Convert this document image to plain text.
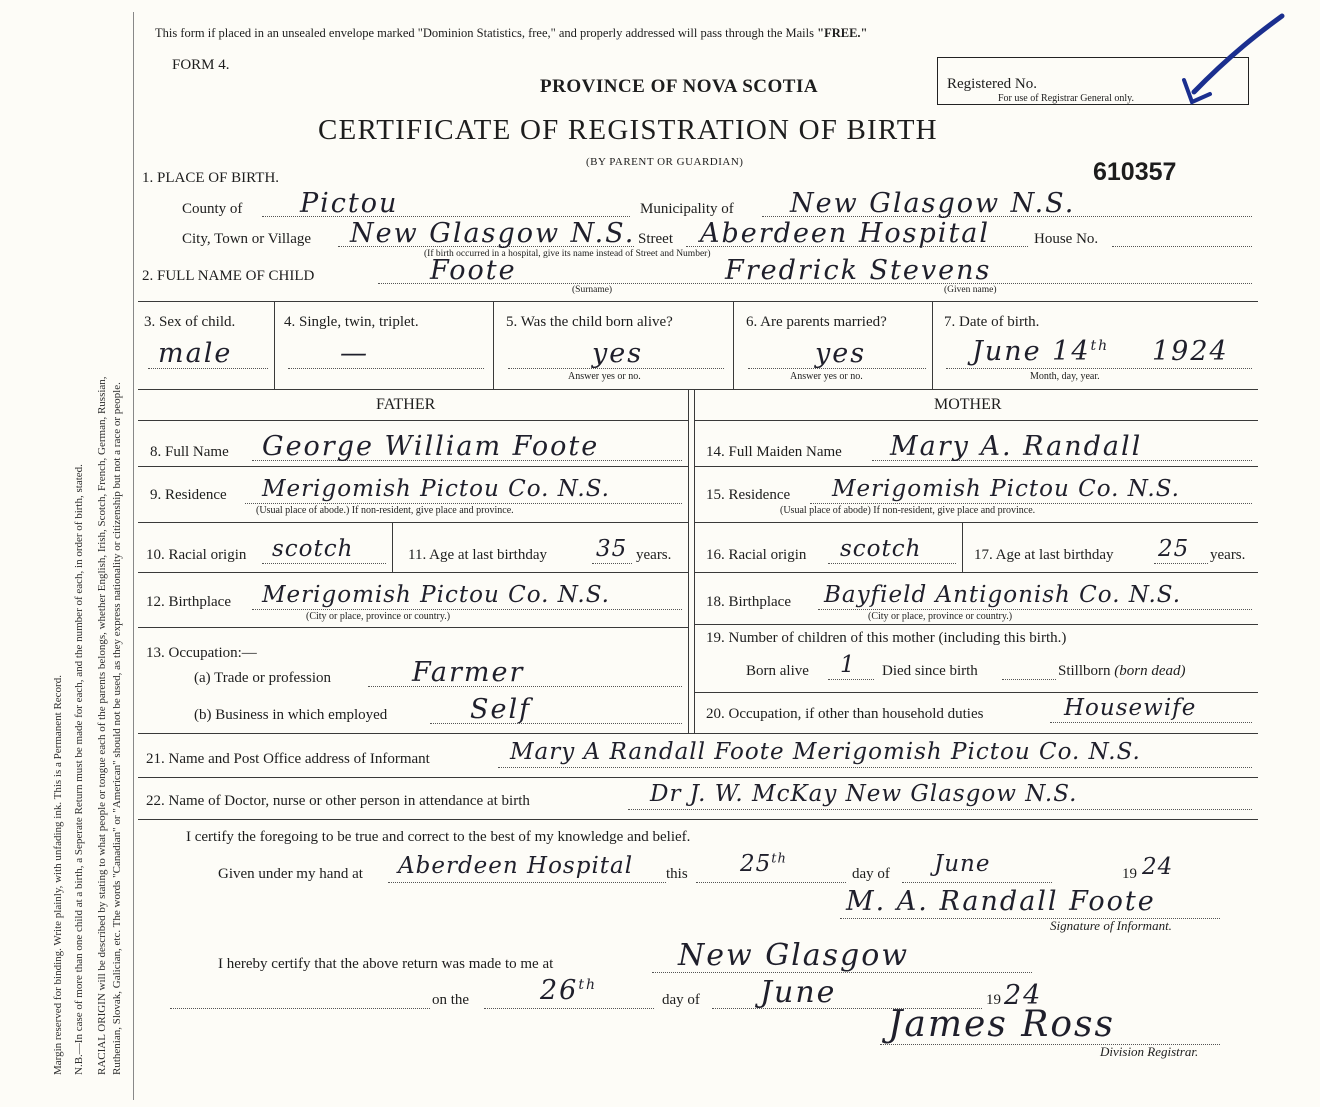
Margin reserved for binding. Write plainly, with unfading ink. This is a Permanent Record. N.B.—In case of more than one child at a birth, a Seperate Return must be made for each, and the number of each, in order of birth, stated. RACIAL ORIGIN will be described by stating to what people or tongue each of the parents belongs, whether English, Irish, Scotch, French, German, Russian, Ruthenian, Slovak, Galician, etc. The words "Canadian" or "American" should not be used, as they express nationality or citizenship but not a race or people.
This form if placed in an unsealed envelope marked "Dominion Statistics, free," and properly addressed will pass through the Mails "FREE."
FORM 4.
PROVINCE OF NOVA SCOTIA
CERTIFICATE OF REGISTRATION OF BIRTH
(BY PARENT OR GUARDIAN)
Registered No.
For use of Registrar General only.
610357
1. PLACE OF BIRTH.
County of Pictou	Municipality of New Glasgow N.S.
City, Town or Village New Glasgow N.S. Street Aberdeen Hospital	House No.
(If birth occurred in a hospital, give its name instead of Street and Number)
2. FULL NAME OF CHILD	Foote	Fredrick Stevens
(Surname)	(Given name)
3. Sex of child.
male
4. Single, twin, triplet.
—
5. Was the child born alive?
yes
Answer yes or no.
6. Are parents married?
yes
Answer yes or no.
7. Date of birth.
June 14th 1924
Month, day, year.
FATHER	MOTHER
8. Full Name George William Foote
9. Residence Merigomish Pictou Co. N.S.
(Usual place of abode.) If non-resident, give place and province.
10. Racial origin scotch	11. Age at last birthday 35 years.
12. Birthplace Merigomish Pictou Co. N.S.
(City or place, province or country.)
13. Occupation:—
(a) Trade or profession	Farmer
(b) Business in which employed	Self
14. Full Maiden Name Mary A. Randall
15. Residence Merigomish Pictou Co. N.S.
(Usual place of abode) If non-resident, give place and province.
16. Racial origin scotch	17. Age at last birthday 25 years.
18. Birthplace Bayfield Antigonish Co. N.S.
(City or place, province or country.)
19. Number of children of this mother (including this birth.)
Born alive 1 Died since birth	Stillborn (born dead)
20. Occupation, if other than household duties	Housewife
21. Name and Post Office address of Informant	Mary A Randall Foote Merigomish Pictou Co. N.S.
22. Name of Doctor, nurse or other person in attendance at birth	Dr J. W. McKay New Glasgow N.S.
I certify the foregoing to be true and correct to the best of my knowledge and belief.
Given under my hand at Aberdeen Hospital this 25th
day of June	19 24
M. A. Randall Foote
Signature of Informant.
I hereby certify that the above return was made to me at	New Glasgow
on the	26th
day of June	19 24
James Ross
Division Registrar.
